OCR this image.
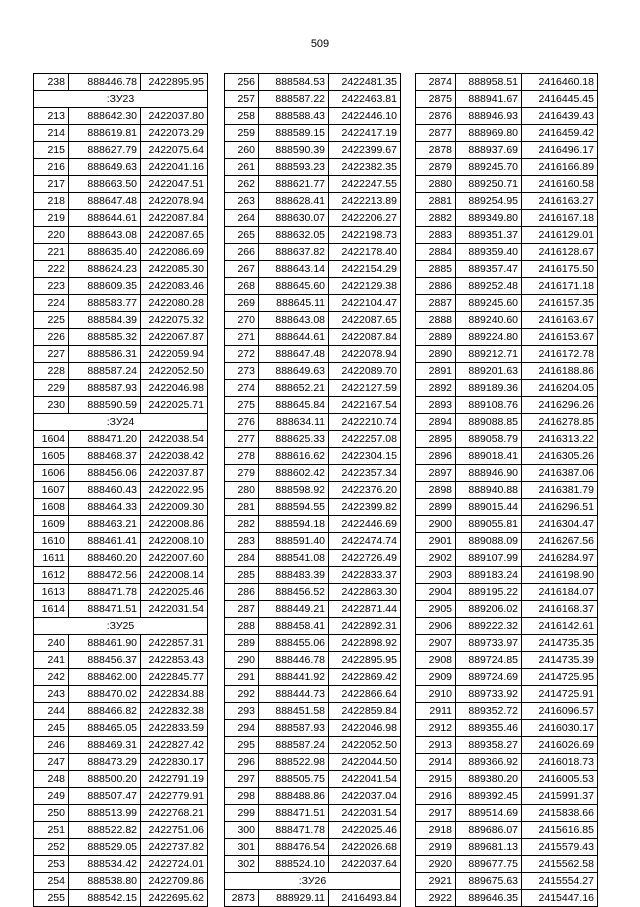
509
238	888446.78	2422895.95
:ЗУ23		
213	888642.30	2422037.80
214	888619.81	2422073.29
215	888627.79	2422075.64
216	888649.63	2422041.16
217	888663.50	2422047.51
218	888647.48	2422078.94
219	888644.61	2422087.84
220	888643.08	2422087.65
221	888635.40	2422086.69
222	888624.23	2422085.30
223	888609.35	2422083.46
224	888583.77	2422080.28
225	888584.39	2422075.32
226	888585.32	2422067.87
227	888586.31	2422059.94
228	888587.24	2422052.50
229	888587.93	2422046.98
230	888590.59	2422025.71
:ЗУ24		
1604	888471.20	2422038.54
1605	888468.37	2422038.42
1606	888456.06	2422037.87
1607	888460.43	2422022.95
1608	888464.33	2422009.30
1609	888463.21	2422008.86
1610	888461.41	2422008.10
1611	888460.20	2422007.60
1612	888472.56	2422008.14
1613	888471.78	2422025.46
1614	888471.51	2422031.54
:ЗУ25		
240	888461.90	2422857.31
241	888456.37	2422853.43
242	888462.00	2422845.77
243	888470.02	2422834.88
244	888466.82	2422832.38
245	888465.05	2422833.59
246	888469.31	2422827.42
247	888473.29	2422830.17
248	888500.20	2422791.19
249	888507.47	2422779.91
250	888513.99	2422768.21
251	888522.82	2422751.06
252	888529.05	2422737.82
253	888534.42	2422724.01
254	888538.80	2422709.86
255	888542.15	2422695.62
256	888584.53	2422481.35
257	888587.22	2422463.81
258	888588.43	2422446.10
259	888589.15	2422417.19
260	888590.39	2422399.67
261	888593.23	2422382.35
262	888621.77	2422247.55
263	888628.41	2422213.89
264	888630.07	2422206.27
265	888632.05	2422198.73
266	888637.82	2422178.40
267	888643.14	2422154.29
268	888645.60	2422129.38
269	888645.11	2422104.47
270	888643.08	2422087.65
271	888644.61	2422087.84
272	888647.48	2422078.94
273	888649.63	2422089.70
274	888652.21	2422127.59
275	888645.84	2422167.54
276	888634.11	2422210.74
277	888625.33	2422257.08
278	888616.62	2422304.15
279	888602.42	2422357.34
280	888598.92	2422376.20
281	888594.55	2422399.82
282	888594.18	2422446.69
283	888591.40	2422474.74
284	888541.08	2422726.49
285	888483.39	2422833.37
286	888456.52	2422863.30
287	888449.21	2422871.44
288	888458.41	2422892.31
289	888455.06	2422898.92
290	888446.78	2422895.95
291	888441.92	2422869.42
292	888444.73	2422866.64
293	888451.58	2422859.84
294	888587.93	2422046.98
295	888587.24	2422052.50
296	888522.98	2422044.50
297	888505.75	2422041.54
298	888488.86	2422037.04
299	888471.51	2422031.54
300	888471.78	2422025.46
301	888476.54	2422026.68
302	888524.10	2422037.64
:ЗУ26		
2873	888929.11	2416493.84
2874	888958.51	2416460.18
2875	888941.67	2416445.45
2876	888946.93	2416439.43
2877	888969.80	2416459.42
2878	888937.69	2416496.17
2879	889245.70	2416166.89
2880	889250.71	2416160.58
2881	889254.95	2416163.27
2882	889349.80	2416167.18
2883	889351.37	2416129.01
2884	889359.40	2416128.67
2885	889357.47	2416175.50
2886	889252.48	2416171.18
2887	889245.60	2416157.35
2888	889240.60	2416163.67
2889	889224.80	2416153.67
2890	889212.71	2416172.78
2891	889201.63	2416188.86
2892	889189.36	2416204.05
2893	889108.76	2416296.26
2894	889088.85	2416278.85
2895	889058.79	2416313.22
2896	889018.41	2416305.26
2897	888946.90	2416387.06
2898	888940.88	2416381.79
2899	889015.44	2416296.51
2900	889055.81	2416304.47
2901	889088.09	2416267.56
2902	889107.99	2416284.97
2903	889183.24	2416198.90
2904	889195.22	2416184.07
2905	889206.02	2416168.37
2906	889222.32	2416142.61
2907	889733.97	2414735.35
2908	889724.85	2414735.39
2909	889724.69	2414725.95
2910	889733.92	2414725.91
2911	889352.72	2416096.57
2912	889355.46	2416030.17
2913	889358.27	2416026.69
2914	889366.92	2416018.73
2915	889380.20	2416005.53
2916	889392.45	2415991.37
2917	889514.69	2415838.66
2918	889686.07	2415616.85
2919	889681.13	2415579.43
2920	889677.75	2415562.58
2921	889675.63	2415554.27
2922	889646.35	2415447.16
